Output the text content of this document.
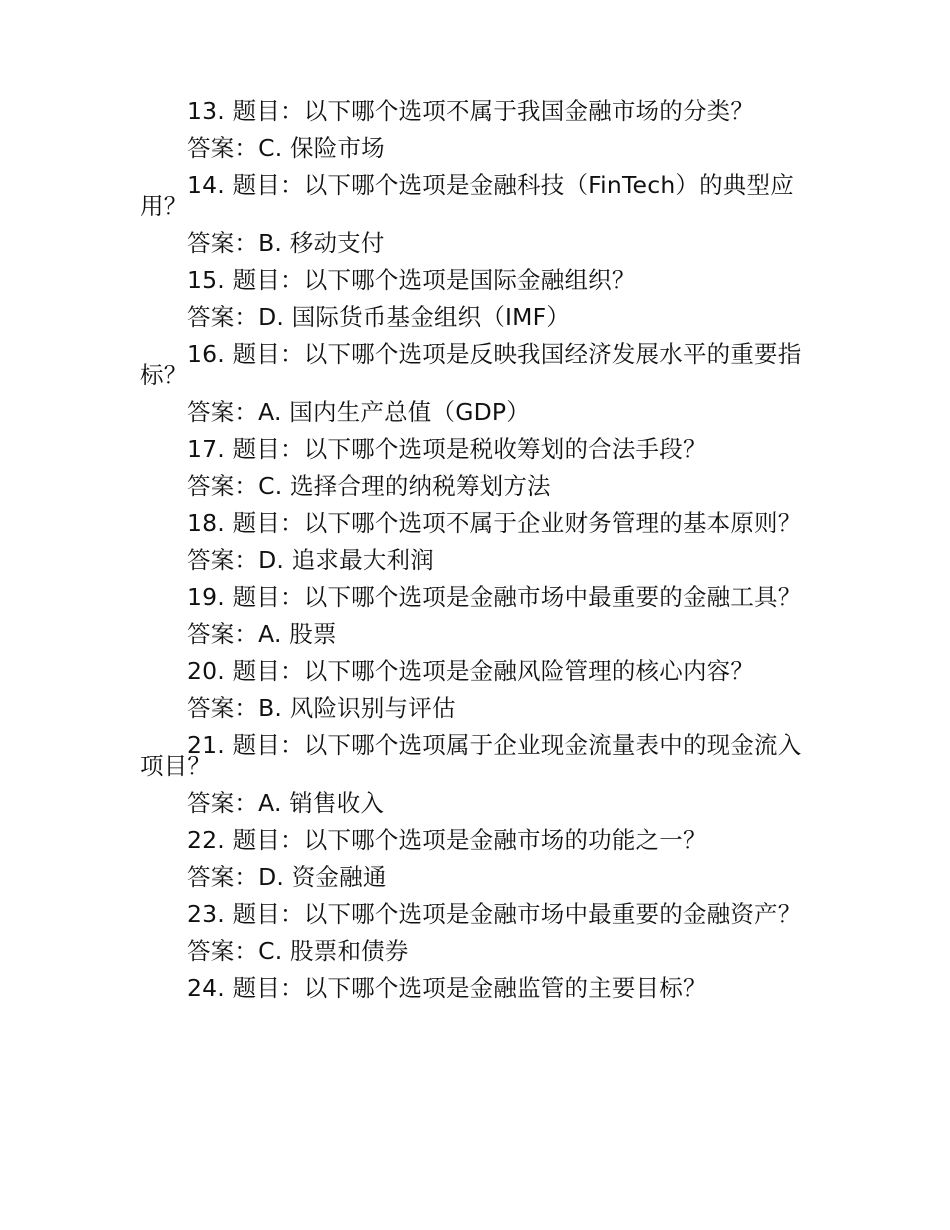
13. 题目：以下哪个选项不属于我国金融市场的分类？

答案：C. 保险市场

14. 题目：以下哪个选项是金融科技（FinTech）的典型应用？

答案：B. 移动支付

15. 题目：以下哪个选项是国际金融组织？

答案：D. 国际货币基金组织（IMF）

16. 题目：以下哪个选项是反映我国经济发展水平的重要指标？

答案：A. 国内生产总值（GDP）

17. 题目：以下哪个选项是税收筹划的合法手段？

答案：C. 选择合理的纳税筹划方法

18. 题目：以下哪个选项不属于企业财务管理的基本原则？

答案：D. 追求最大利润

19. 题目：以下哪个选项是金融市场中最重要的金融工具？

答案：A. 股票

20. 题目：以下哪个选项是金融风险管理的核心内容？

答案：B. 风险识别与评估

21. 题目：以下哪个选项属于企业现金流量表中的现金流入项目？

答案：A. 销售收入

22. 题目：以下哪个选项是金融市场的功能之一？

答案：D. 资金融通

23. 题目：以下哪个选项是金融市场中最重要的金融资产？

答案：C. 股票和债券

24. 题目：以下哪个选项是金融监管的主要目标？
